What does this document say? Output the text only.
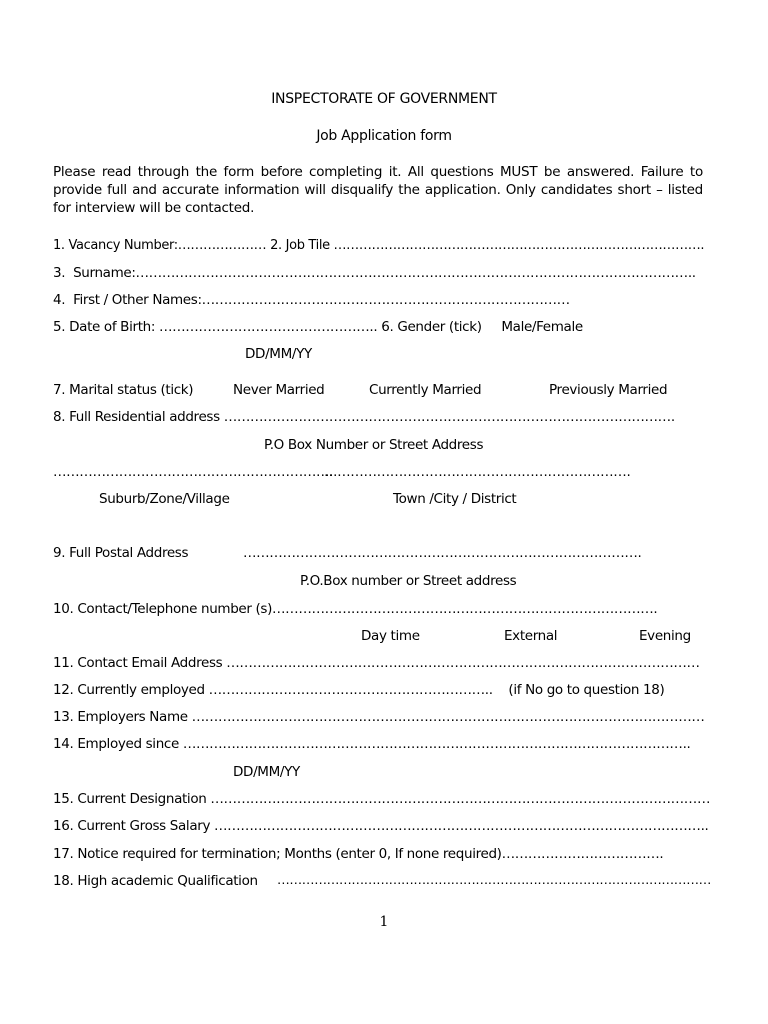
INSPECTORATE OF GOVERNMENT
Job Application form
Please read through the form before completing it. All questions MUST be answered. Failure to provide full and accurate information will disqualify the application. Only candidates short – listed for interview will be contacted.
1. Vacancy Number:………………… 2. Job Tile …………………………………………………………………………….
3.  Surname:………………………………………………………………………………………………………………..
4.  First / Other Names:…………………………………………………………………………
5. Date of Birth: ………………………………………….. 6. Gender (tick)     Male/Female
DD/MM/YY
7. Marital status (tick)	Never Married	Currently Married	Previously Married
8. Full Residential address ………………………………………………………………………………………….
P.O Box Number or Street Address
……………………………………………………….
…………………………………………………………….
Suburb/Zone/Village	Town /City / District
9. Full Postal Address	……………………………………………………………………………….
P.O.Box number or Street address
10. Contact/Telephone number (s)…………………………………………………………………………….
Day time	External	Evening
11. Contact Email Address ………………………………………………………………………………………………
12. Currently employed ………………………………………………………..    (if No go to question 18)
13. Employers Name ………………………………………………………………………………………………………
14. Employed since ……………………………………………………………………………………………………..
DD/MM/YY
15. Current Designation ……………………………………………………………………………………………………
16. Current Gross Salary …………………………………………………………………………………………………..
17. Notice required for termination; Months (enter 0, If none required)……………………………….
18. High academic Qualification ……………………………………………………………………………………………
1
